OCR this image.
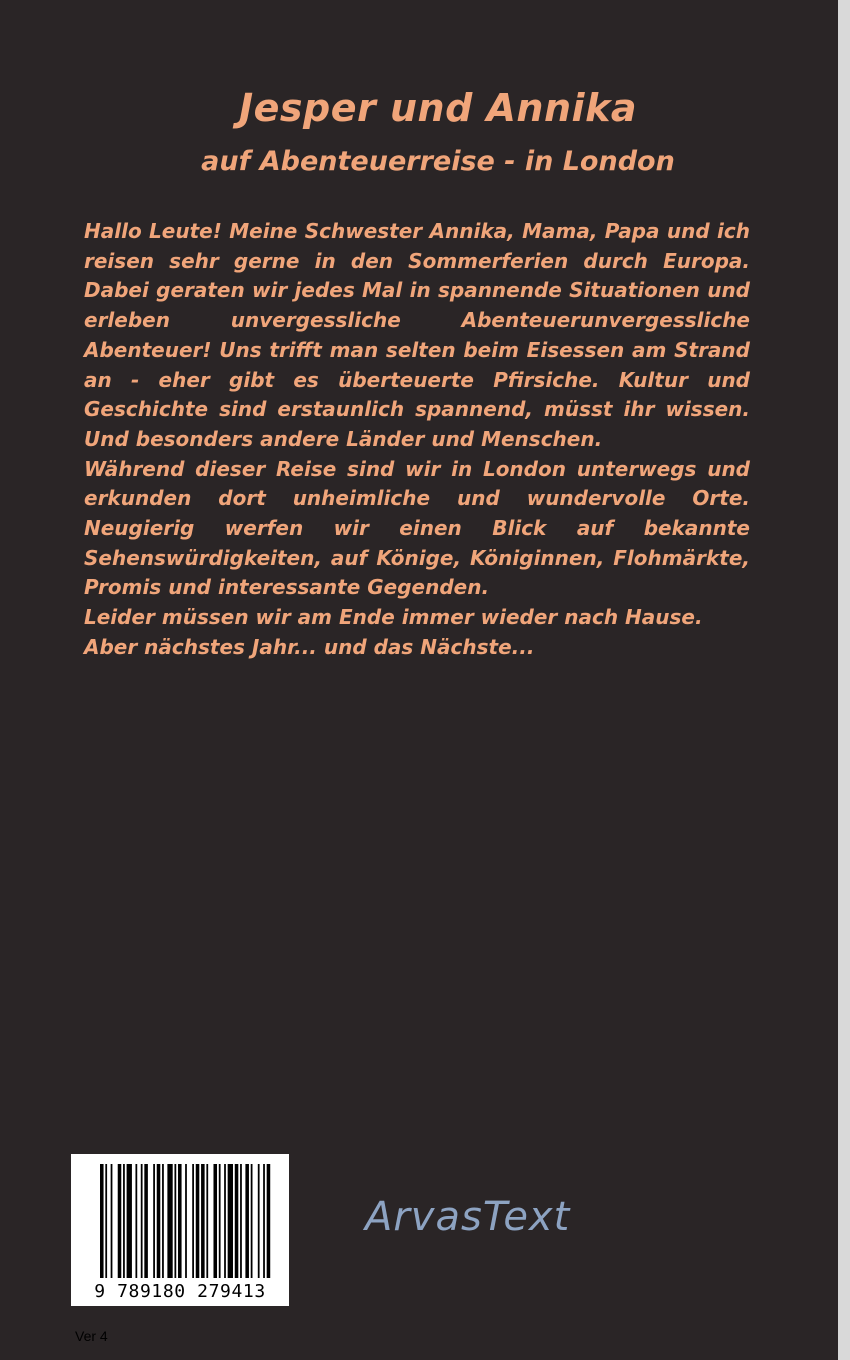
Jesper und Annika
auf Abenteuerreise - in London

Hallo Leute! Meine Schwester Annika, Mama, Papa und ich reisen sehr gerne in den Sommerferien durch Europa. Dabei geraten wir jedes Mal in spannende Situationen und erleben unvergessliche Abenteuerunvergessliche Abenteuer! Uns trifft man selten beim Eisessen am Strand an - eher gibt es überteuerte Pfirsiche. Kultur und Geschichte sind erstaunlich spannend, müsst ihr wissen. Und besonders andere Länder und Menschen.

Während dieser Reise sind wir in London unterwegs und erkunden dort unheimliche und wundervolle Orte. Neugierig werfen wir einen Blick auf bekannte Sehenswürdigkeiten, auf Könige, Königinnen, Flohmärkte, Promis und interessante Gegenden.

Leider müssen wir am Ende immer wieder nach Hause. Aber nächstes Jahr... und das Nächste...

9 789180 279413
ArvasText
Ver 4
